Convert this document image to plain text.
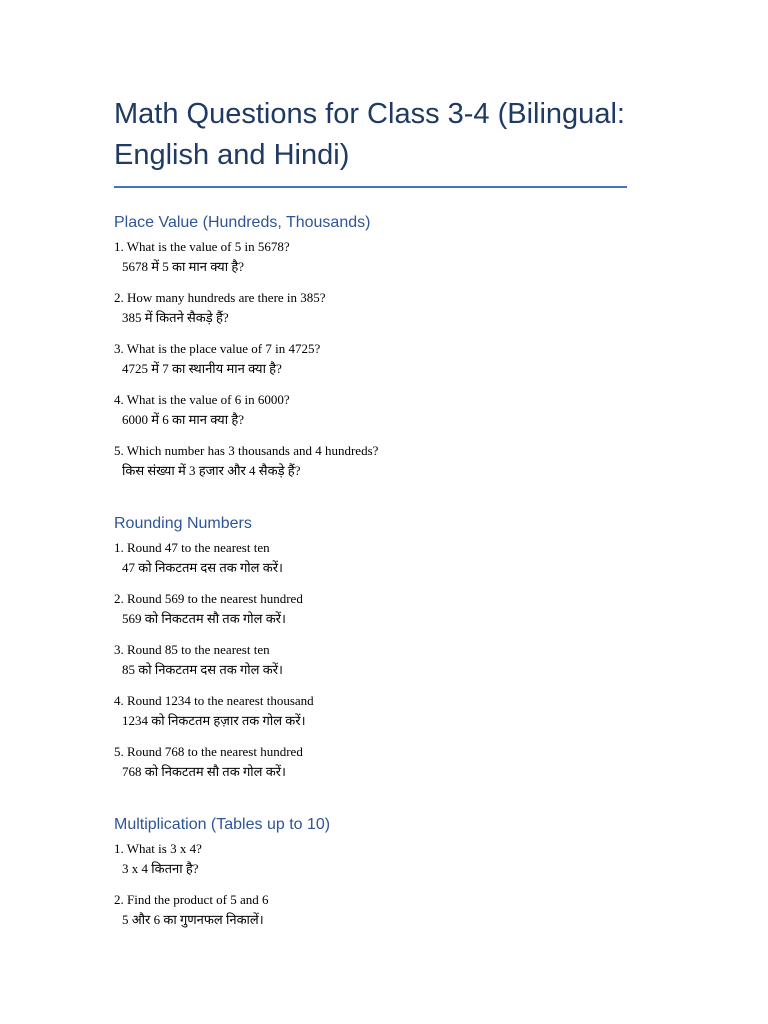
Math Questions for Class 3-4 (Bilingual: English and Hindi)
Place Value (Hundreds, Thousands)
1. What is the value of 5 in 5678?
5678 में 5 का मान क्या है?
2. How many hundreds are there in 385?
385 में कितने सैकड़े हैं?
3. What is the place value of 7 in 4725?
4725 में 7 का स्थानीय मान क्या है?
4. What is the value of 6 in 6000?
6000 में 6 का मान क्या है?
5. Which number has 3 thousands and 4 hundreds?
किस संख्या में 3 हजार और 4 सैकड़े हैं?
Rounding Numbers
1. Round 47 to the nearest ten
47 को निकटतम दस तक गोल करें।
2. Round 569 to the nearest hundred
569 को निकटतम सौ तक गोल करें।
3. Round 85 to the nearest ten
85 को निकटतम दस तक गोल करें।
4. Round 1234 to the nearest thousand
1234 को निकटतम हज़ार तक गोल करें।
5. Round 768 to the nearest hundred
768 को निकटतम सौ तक गोल करें।
Multiplication (Tables up to 10)
1. What is 3 x 4?
3 x 4 कितना है?
2. Find the product of 5 and 6
5 और 6 का गुणनफल निकालें।
